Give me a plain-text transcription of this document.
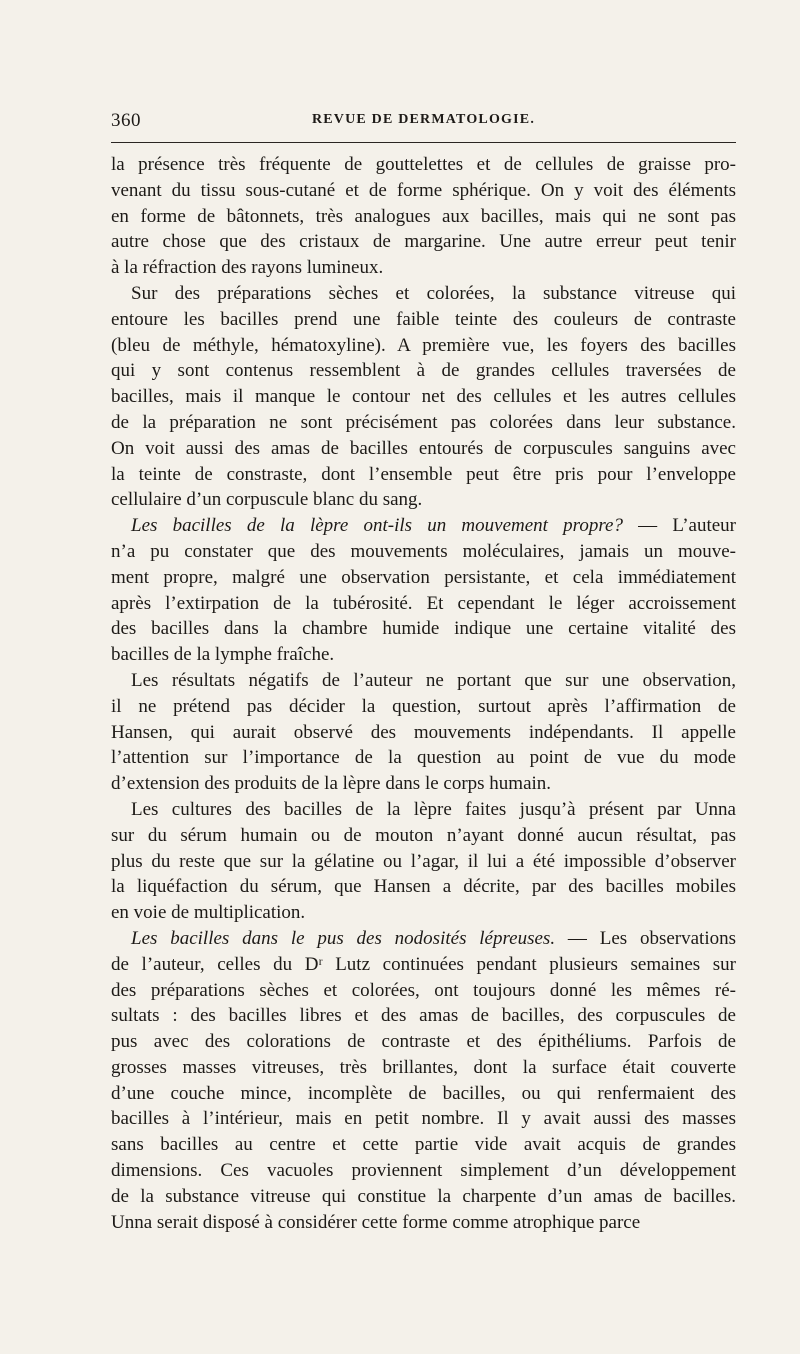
360	REVUE DE DERMATOLOGIE.
la présence très fréquente de gouttelettes et de cellules de graisse pro-
venant du tissu sous-cutané et de forme sphérique. On y voit des éléments
en forme de bâtonnets, très analogues aux bacilles, mais qui ne sont pas
autre chose que des cristaux de margarine. Une autre erreur peut tenir
à la réfraction des rayons lumineux.
Sur des préparations sèches et colorées, la substance vitreuse qui
entoure les bacilles prend une faible teinte des couleurs de contraste
(bleu de méthyle, hématoxyline). A première vue, les foyers des bacilles
qui y sont contenus ressemblent à de grandes cellules traversées de
bacilles, mais il manque le contour net des cellules et les autres cellules
de la préparation ne sont précisément pas colorées dans leur substance.
On voit aussi des amas de bacilles entourés de corpuscules sanguins avec
la teinte de constraste, dont l’ensemble peut être pris pour l’enveloppe
cellulaire d’un corpuscule blanc du sang.
Les bacilles de la lèpre ont-ils un mouvement propre? — L’auteur
n’a pu constater que des mouvements moléculaires, jamais un mouve-
ment propre, malgré une observation persistante, et cela immédiatement
après l’extirpation de la tubérosité. Et cependant le léger accroissement
des bacilles dans la chambre humide indique une certaine vitalité des
bacilles de la lymphe fraîche.
Les résultats négatifs de l’auteur ne portant que sur une observation,
il ne prétend pas décider la question, surtout après l’affirmation de
Hansen, qui aurait observé des mouvements indépendants. Il appelle
l’attention sur l’importance de la question au point de vue du mode
d’extension des produits de la lèpre dans le corps humain.
Les cultures des bacilles de la lèpre faites jusqu’à présent par Unna
sur du sérum humain ou de mouton n’ayant donné aucun résultat, pas
plus du reste que sur la gélatine ou l’agar, il lui a été impossible d’observer
la liquéfaction du sérum, que Hansen a décrite, par des bacilles mobiles
en voie de multiplication.
Les bacilles dans le pus des nodosités lépreuses. — Les observations
de l’auteur, celles du Dʳ Lutz continuées pendant plusieurs semaines sur
des préparations sèches et colorées, ont toujours donné les mêmes ré-
sultats : des bacilles libres et des amas de bacilles, des corpuscules de
pus avec des colorations de contraste et des épithéliums. Parfois de
grosses masses vitreuses, très brillantes, dont la surface était couverte
d’une couche mince, incomplète de bacilles, ou qui renfermaient des
bacilles à l’intérieur, mais en petit nombre. Il y avait aussi des masses
sans bacilles au centre et cette partie vide avait acquis de grandes
dimensions. Ces vacuoles proviennent simplement d’un développement
de la substance vitreuse qui constitue la charpente d’un amas de bacilles.
Unna serait disposé à considérer cette forme comme atrophique parce
